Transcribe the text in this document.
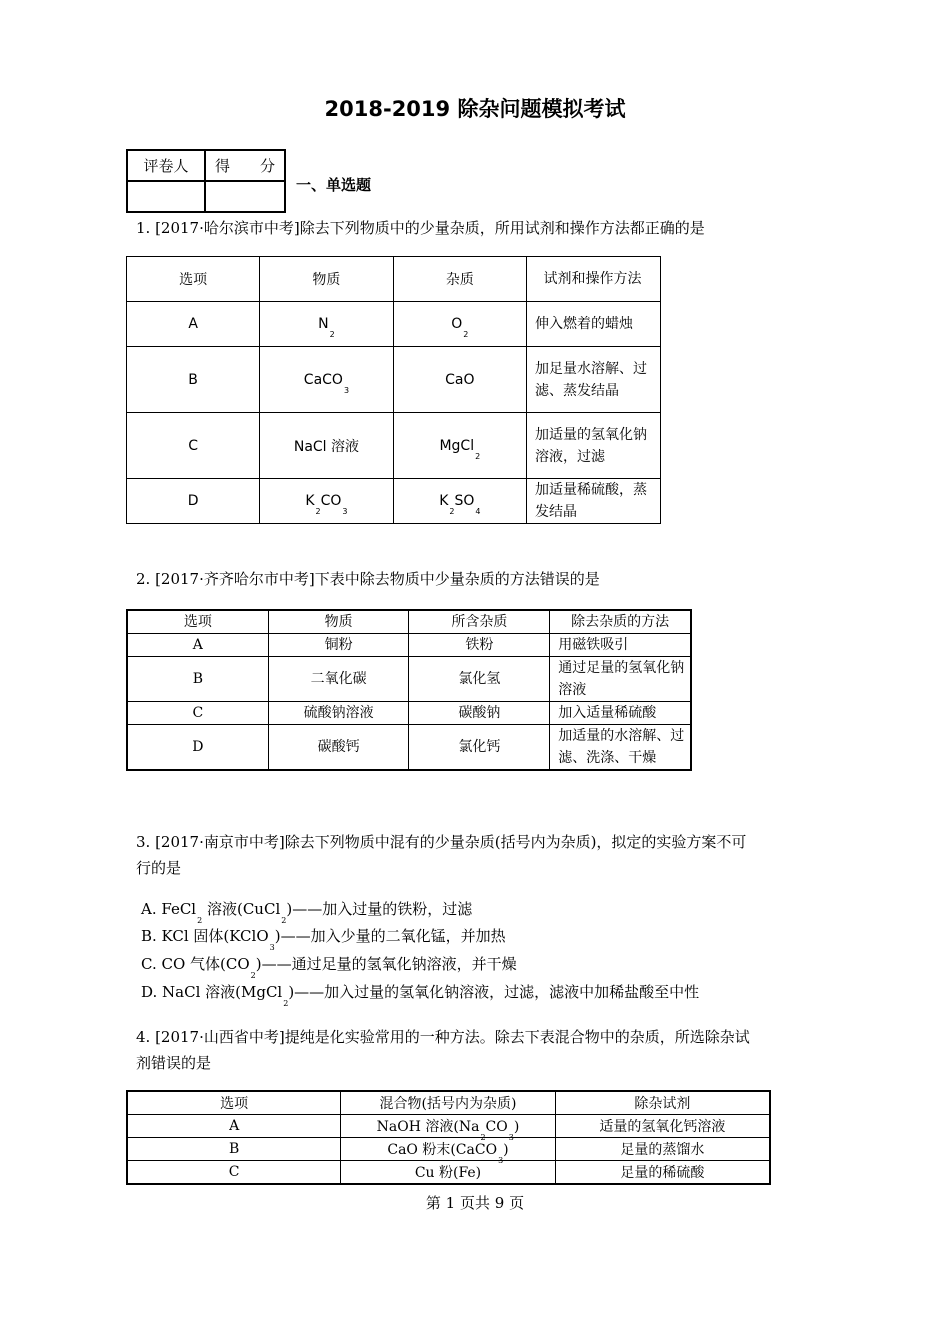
2018-2019 除杂问题模拟考试
评卷人	得　　分

一、单选题
1. [2017·哈尔滨市中考]除去下列物质中的少量杂质，所用试剂和操作方法都正确的是
选项	物质	杂质	试剂和操作方法
A	$N_2$	$O_2$	伸入燃着的蜡烛
B	CaCO$_3$	CaO	加足量水溶解、过滤、蒸发结晶
C	NaCl 溶液	MgCl$_2$	加适量的氢氧化钠溶液，过滤
D	$K_2CO_3$	$K_2SO_4$	加适量稀硫酸，蒸发结晶
2. [2017·齐齐哈尔市中考]下表中除去物质中少量杂质的方法错误的是
选项	物质	所含杂质	除去杂质的方法
A	铜粉	铁粉	用磁铁吸引
B	二氧化碳	氯化氢	通过足量的氢氧化钠溶液
C	硫酸钠溶液	碳酸钠	加入适量稀硫酸
D	碳酸钙	氯化钙	加适量的水溶解、过滤、洗涤、干燥
3. [2017·南京市中考]除去下列物质中混有的少量杂质(括号内为杂质)，拟定的实验方案不可
行的是
A. FeCl$_2$ 溶液(CuCl$_2$)——加入过量的铁粉，过滤
B. KCl 固体(KClO$_3$)——加入少量的二氧化锰，并加热
C. CO 气体$(CO_2)——$通过足量的氢氧化钠溶液，并干燥
D. NaCl 溶液(MgCl$_2$)——加入过量的氢氧化钠溶液，过滤，滤液中加稀盐酸至中性
4. [2017·山西省中考]提纯是化实验常用的一种方法。除去下表混合物中的杂质，所选除杂试
剂错误的是
选项	混合物(括号内为杂质)	除杂试剂
A	NaOH 溶液$(Na_2CO_3)$	适量的氢氧化钙溶液
B	CaO 粉末(CaCO$_3$)	足量的蒸馏水
C	Cu 粉(Fe)	足量的稀硫酸
第 1 页共 9 页
